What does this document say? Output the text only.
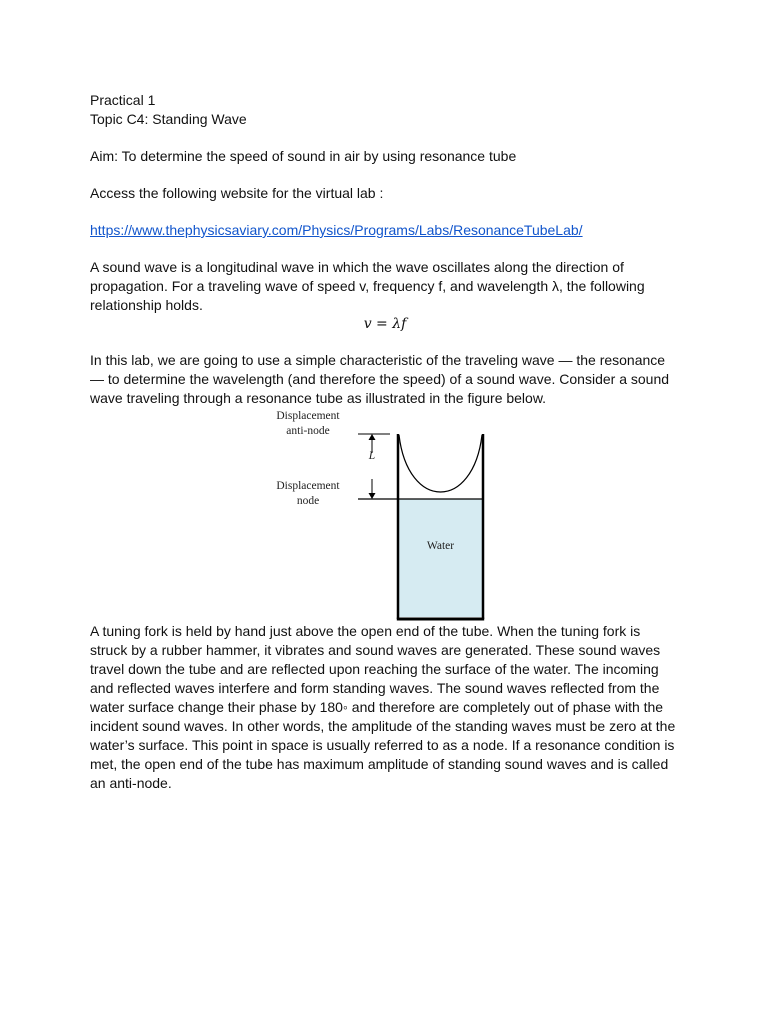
Practical 1

Topic C4: Standing Wave

Aim: To determine the speed of sound in air by using resonance tube

Access the following website for the virtual lab :

https://www.thephysicsaviary.com/Physics/Programs/Labs/ResonanceTubeLab/

A sound wave is a longitudinal wave in which the wave oscillates along the direction of propagation. For a traveling wave of speed v, frequency f, and wavelength λ, the following relationship holds.

v = λf

In this lab, we are going to use a simple characteristic of the traveling wave — the resonance — to determine the wavelength (and therefore the speed) of a sound wave. Consider a sound wave traveling through a resonance tube as illustrated in the figure below.

Displacement
anti-node
Displacement
node
L
Water

A tuning fork is held by hand just above the open end of the tube. When the tuning fork is struck by a rubber hammer, it vibrates and sound waves are generated. These sound waves travel down the tube and are reflected upon reaching the surface of the water. The incoming and reflected waves interfere and form standing waves. The sound waves reflected from the water surface change their phase by 180◦ and therefore are completely out of phase with the incident sound waves. In other words, the amplitude of the standing waves must be zero at the water’s surface. This point in space is usually referred to as a node. If a resonance condition is met, the open end of the tube has maximum amplitude of standing sound waves and is called an anti-node.
